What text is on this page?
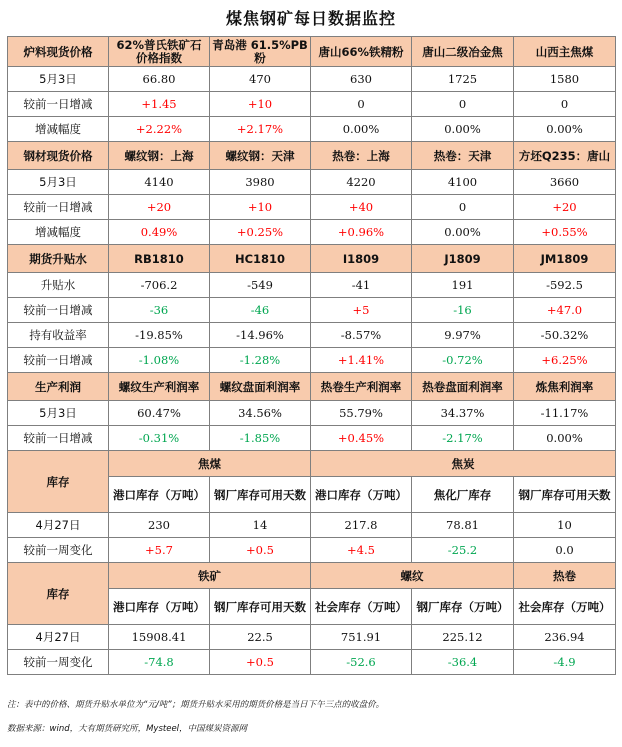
煤焦钢矿每日数据监控
炉料现货价格	62%普氏铁矿石价格指数	青岛港 61.5%PB粉	唐山66%铁精粉	唐山二级冶金焦	山西主焦煤
5月3日	66.80	470	630	1725	1580
较前一日增减	+1.45	+10	0	0	0
增减幅度	+2.22%	+2.17%	0.00%	0.00%	0.00%
钢材现货价格	螺纹钢：上海	螺纹钢：天津	热卷：上海	热卷：天津	方坯Q235：唐山
5月3日	4140	3980	4220	4100	3660
较前一日增减	+20	+10	+40	0	+20
增减幅度	0.49%	+0.25%	+0.96%	0.00%	+0.55%
期货升贴水	RB1810	HC1810	I1809	J1809	JM1809
升贴水	-706.2	-549	-41	191	-592.5
较前一日增减	-36	-46	+5	-16	+47.0
持有收益率	-19.85%	-14.96%	-8.57%	9.97%	-50.32%
较前一日增减	-1.08%	-1.28%	+1.41%	-0.72%	+6.25%
生产利润	螺纹生产利润率	螺纹盘面利润率	热卷生产利润率	热卷盘面利润率	炼焦利润率
5月3日	60.47%	34.56%	55.79%	34.37%	-11.17%
较前一日增减	-0.31%	-1.85%	+0.45%	-2.17%	0.00%
库存	焦煤		焦炭		
	港口库存（万吨）	钢厂库存可用天数	港口库存（万吨）	焦化厂库存	钢厂库存可用天数
4月27日	230	14	217.8	78.81	10
较前一周变化	+5.7	+0.5	+4.5	-25.2	0.0
库存	铁矿		螺纹		热卷
	港口库存（万吨）	钢厂库存可用天数	社会库存（万吨）	钢厂库存（万吨）	社会库存（万吨）
4月27日	15908.41	22.5	751.91	225.12	236.94
较前一周变化	-74.8	+0.5	-52.6	-36.4	-4.9
注：表中的价格、期货升贴水单位为“元/吨”；期货升贴水采用的期货价格是当日下午三点的收盘价。
数据来源：wind，大有期货研究所，Mysteel，中国煤炭资源网
